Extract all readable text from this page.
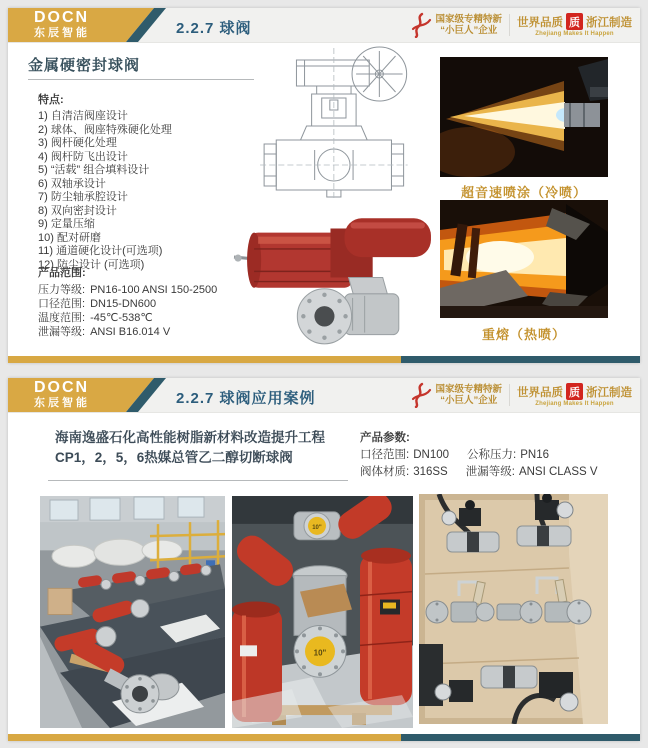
DOCN
东辰智能	2.2.7 球阀
国家级专精特新
“小巨人”企业
世界品质 质 浙江制造
Zhejiang Makes It Happen
金属硬密封球阀
特点:
1) 自清洁阀座设计
2) 球体、阀座特殊硬化处理
3) 阀杆硬化处理
4) 阀杆防飞出设计
5) “活载” 组合填料设计
6) 双轴承设计
7) 防尘轴承腔设计
8) 双向密封设计
9) 定量压缩
10) 配对研磨
11) 通道硬化设计(可选项)
12) 防尘设计 (可选项)
产品范围:
压力等级: PN16-100 ANSI 150-2500
口径范围: DN15-DN600
温度范围: -45℃-538℃
泄漏等级: ANSI B16.014 V
超音速喷涂（冷喷）
重熔（热喷）
DOCN
东辰智能	2.2.7 球阀应用案例
国家级专精特新
“小巨人”企业
世界品质 质 浙江制造
Zhejiang Makes It Happen
海南逸盛石化高性能树脂新材料改造提升工程
CP1，2，5，6热媒总管乙二醇切断球阀
产品参数:
口径范围: DN100 公称压力: PN16
阀体材质: 316SS 泄漏等级: ANSI CLASS V
10"
10"
